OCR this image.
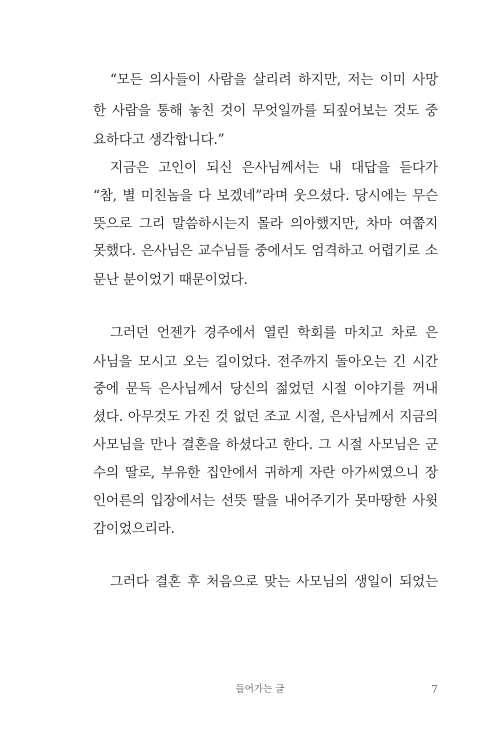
“모든 의사들이 사람을 살리려 하지만, 저는 이미 사망
한 사람을 통해 놓친 것이 무엇일까를 되짚어보는 것도 중
요하다고 생각합니다.”
지금은 고인이 되신 은사님께서는 내 대답을 듣다가
“참, 별 미친놈을 다 보겠네”라며 웃으셨다. 당시에는 무슨
뜻으로 그리 말씀하시는지 몰라 의아했지만, 차마 여쭙지
못했다. 은사님은 교수님들 중에서도 엄격하고 어렵기로 소
문난 분이었기 때문이었다.
그러던 언젠가 경주에서 열린 학회를 마치고 차로 은
사님을 모시고 오는 길이었다. 전주까지 돌아오는 긴 시간
중에 문득 은사님께서 당신의 젊었던 시절 이야기를 꺼내
셨다. 아무것도 가진 것 없던 조교 시절, 은사님께서 지금의
사모님을 만나 결혼을 하셨다고 한다. 그 시절 사모님은 군
수의 딸로, 부유한 집안에서 귀하게 자란 아가씨였으니 장
인어른의 입장에서는 선뜻 딸을 내어주기가 못마땅한 사윗
감이었으리라.
그러다 결혼 후 처음으로 맞는 사모님의 생일이 되었는
들어가는 글	7
